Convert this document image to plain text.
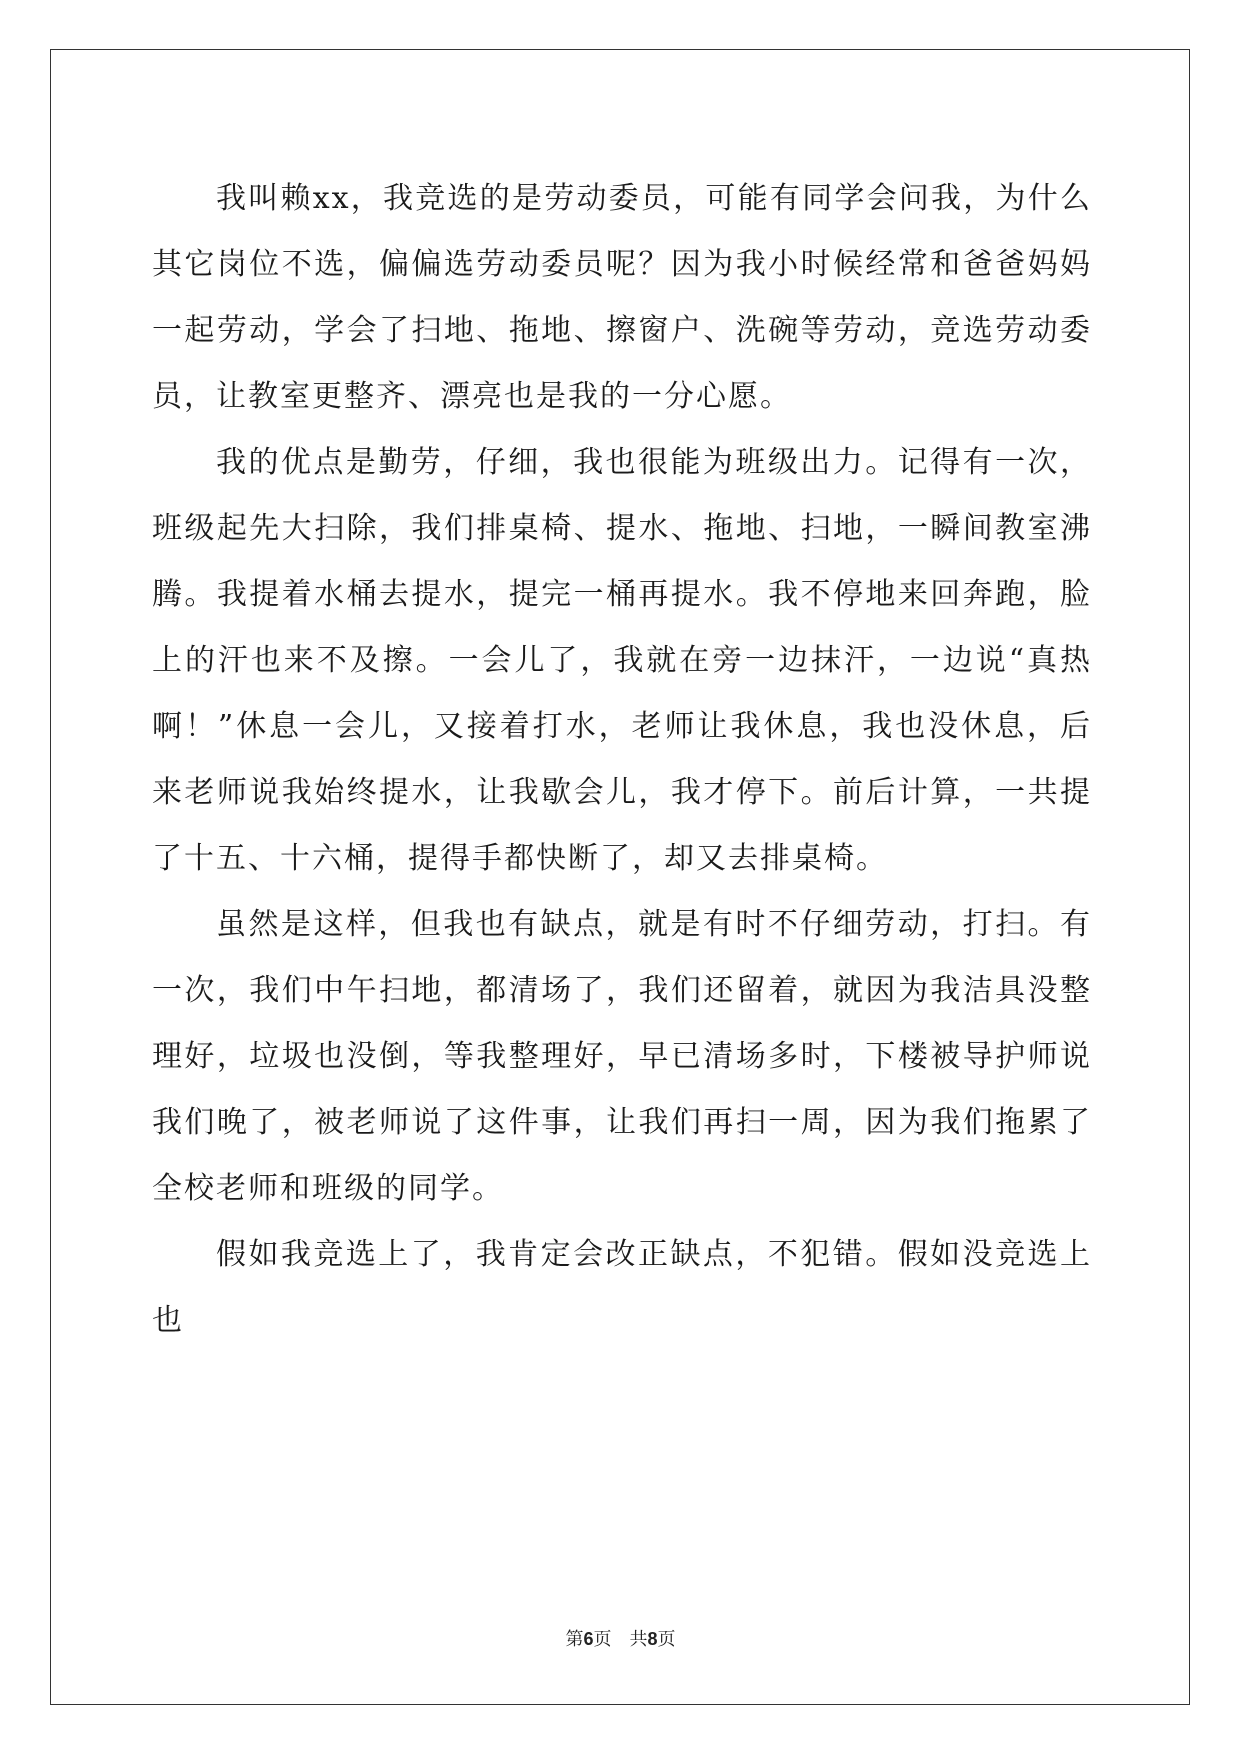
我叫赖xx，我竞选的是劳动委员，可能有同学会问我，为什么其它岗位不选，偏偏选劳动委员呢？因为我小时候经常和爸爸妈妈一起劳动，学会了扫地、拖地、擦窗户、洗碗等劳动，竞选劳动委员，让教室更整齐、漂亮也是我的一分心愿。

我的优点是勤劳，仔细，我也很能为班级出力。记得有一次，班级起先大扫除，我们排桌椅、提水、拖地、扫地，一瞬间教室沸腾。我提着水桶去提水，提完一桶再提水。我不停地来回奔跑，脸上的汗也来不及擦。一会儿了，我就在旁一边抹汗，一边说“真热啊！”休息一会儿，又接着打水，老师让我休息，我也没休息，后来老师说我始终提水，让我歇会儿，我才停下。前后计算，一共提了十五、十六桶，提得手都快断了，却又去排桌椅。

虽然是这样，但我也有缺点，就是有时不仔细劳动，打扫。有一次，我们中午扫地，都清场了，我们还留着，就因为我洁具没整理好，垃圾也没倒，等我整理好，早已清场多时，下楼被导护师说我们晚了，被老师说了这件事，让我们再扫一周，因为我们拖累了全校老师和班级的同学。

假如我竞选上了，我肯定会改正缺点，不犯错。假如没竞选上也

第6页 共8页
